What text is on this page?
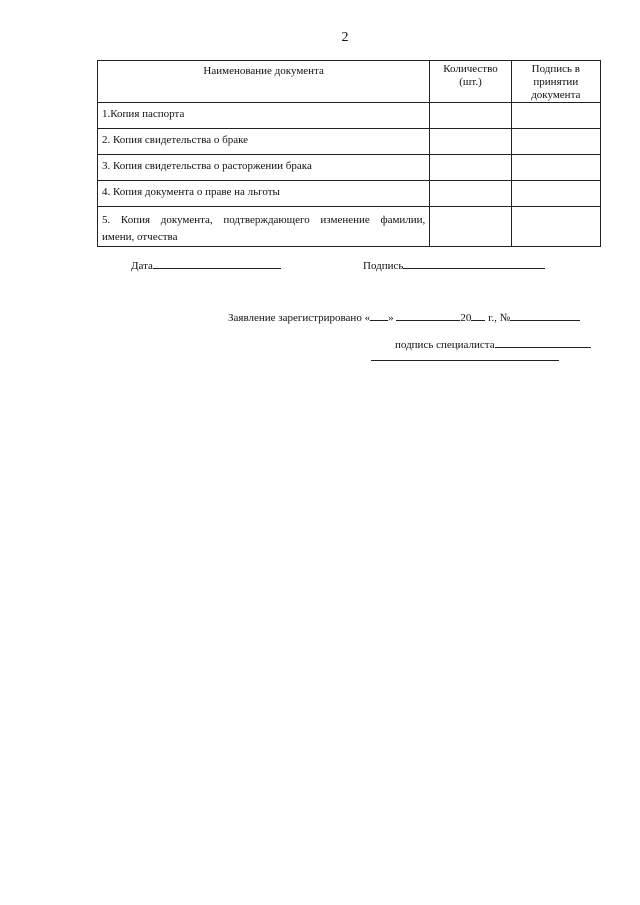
2
Наименование документа	Количество (шт.)	Подпись в принятии документа
1.Копия паспорта		
2. Копия свидетельства о браке		
3. Копия свидетельства о расторжении брака		
4. Копия документа о праве на льготы		
5. Копия документа, подтверждающего изменение фамилии,
имени, отчества		

Дата	Подпись
Заявление зарегистрировано « »	20 г., №
подпись специалиста
